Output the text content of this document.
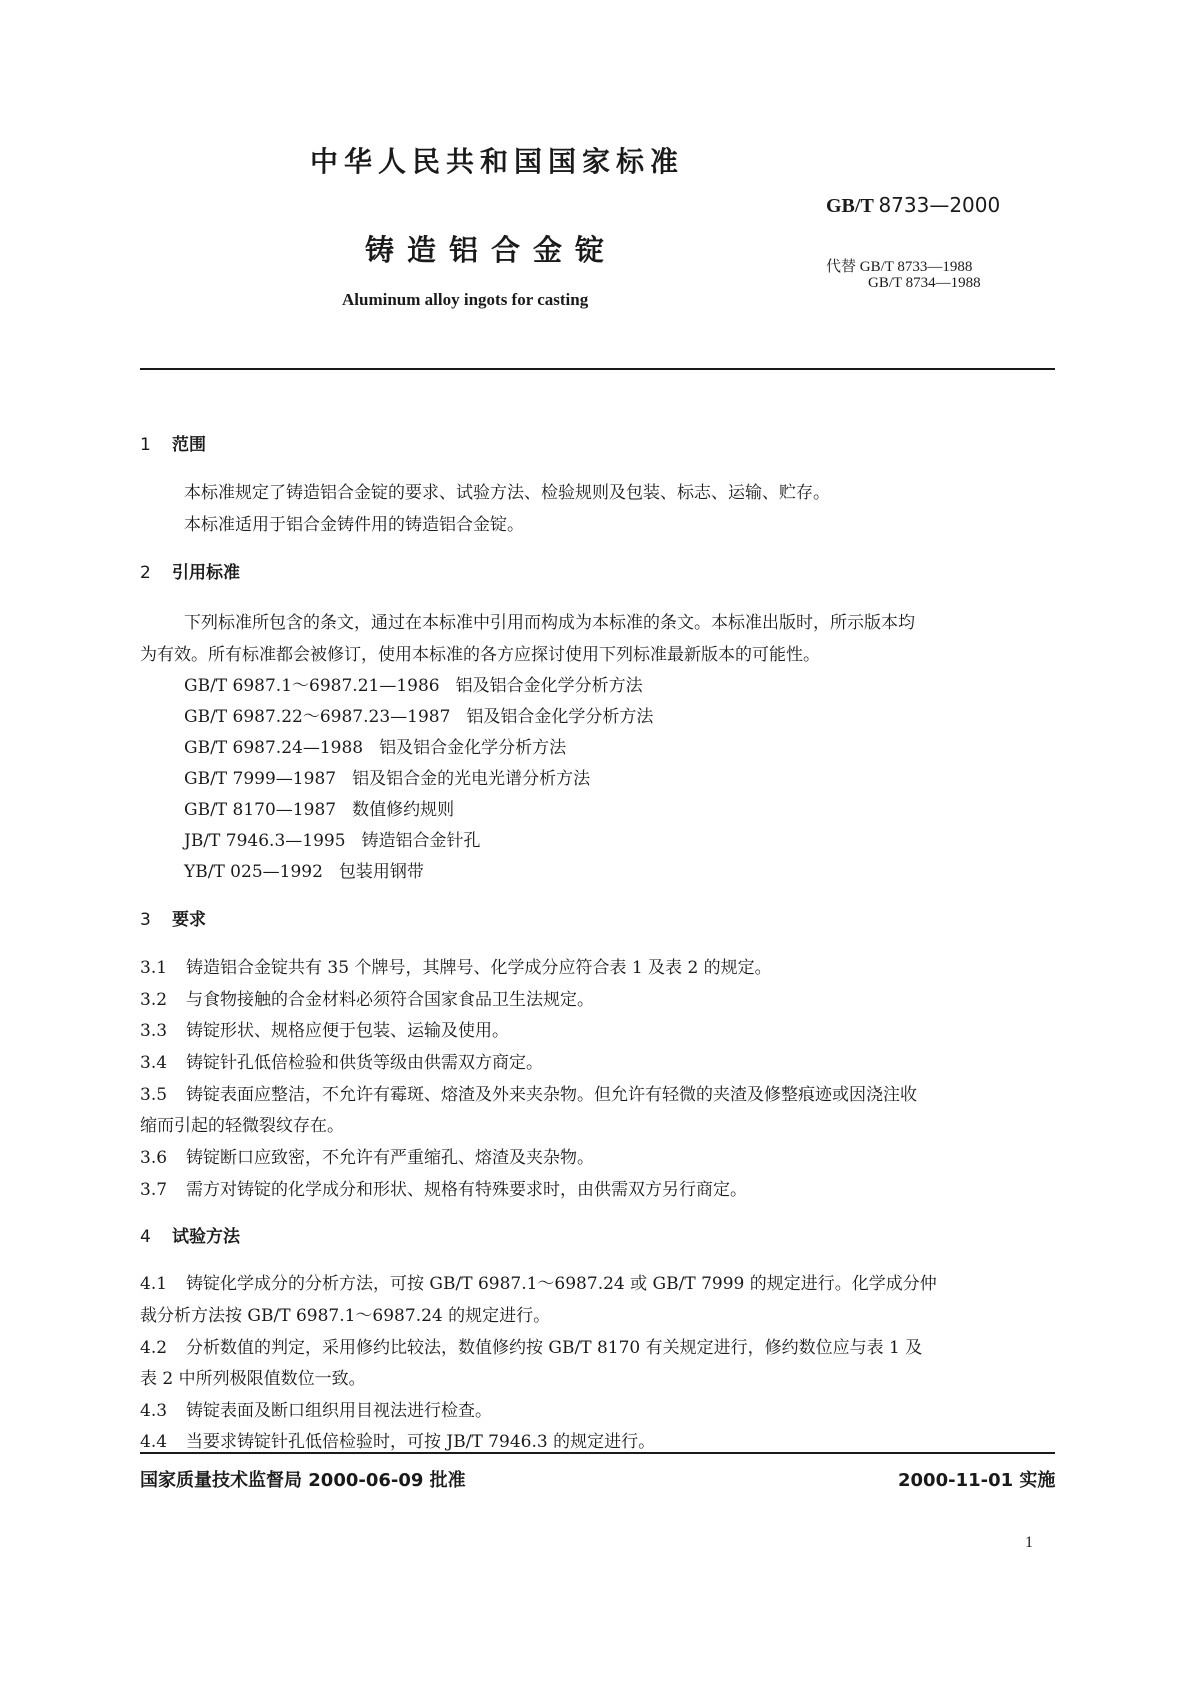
中华人民共和国国家标准
GB/T 8733—2000
铸造铝合金锭	代替 GB/T 8733—1988
GB/T 8734—1988
Aluminum alloy ingots for casting
1 范围
本标准规定了铸造铝合金锭的要求、试验方法、检验规则及包装、标志、运输、贮存。
本标准适用于铝合金铸件用的铸造铝合金锭。
2 引用标准
下列标准所包含的条文，通过在本标准中引用而构成为本标准的条文。本标准出版时，所示版本均
为有效。所有标准都会被修订，使用本标准的各方应探讨使用下列标准最新版本的可能性。
GB/T 6987.1～6987.21—1986 铝及铝合金化学分析方法
GB/T 6987.22～6987.23—1987 铝及铝合金化学分析方法
GB/T 6987.24—1988 铝及铝合金化学分析方法
GB/T 7999—1987 铝及铝合金的光电光谱分析方法
GB/T 8170—1987 数值修约规则
JB/T 7946.3—1995 铸造铝合金针孔
YB/T 025—1992 包装用钢带
3 要求
3.1 铸造铝合金锭共有 35 个牌号，其牌号、化学成分应符合表 1 及表 2 的规定。
3.2 与食物接触的合金材料必须符合国家食品卫生法规定。
3.3 铸锭形状、规格应便于包装、运输及使用。
3.4 铸锭针孔低倍检验和供货等级由供需双方商定。
3.5 铸锭表面应整洁，不允许有霉斑、熔渣及外来夹杂物。但允许有轻微的夹渣及修整痕迹或因浇注收
缩而引起的轻微裂纹存在。
3.6 铸锭断口应致密，不允许有严重缩孔、熔渣及夹杂物。
3.7 需方对铸锭的化学成分和形状、规格有特殊要求时，由供需双方另行商定。
4 试验方法
4.1 铸锭化学成分的分析方法，可按 GB/T 6987.1～6987.24 或 GB/T 7999 的规定进行。化学成分仲
裁分析方法按 GB/T 6987.1～6987.24 的规定进行。
4.2 分析数值的判定，采用修约比较法，数值修约按 GB/T 8170 有关规定进行，修约数位应与表 1 及
表 2 中所列极限值数位一致。
4.3 铸锭表面及断口组织用目视法进行检查。
4.4 当要求铸锭针孔低倍检验时，可按 JB/T 7946.3 的规定进行。
国家质量技术监督局 2000-06-09 批准	2000-11-01 实施
1
